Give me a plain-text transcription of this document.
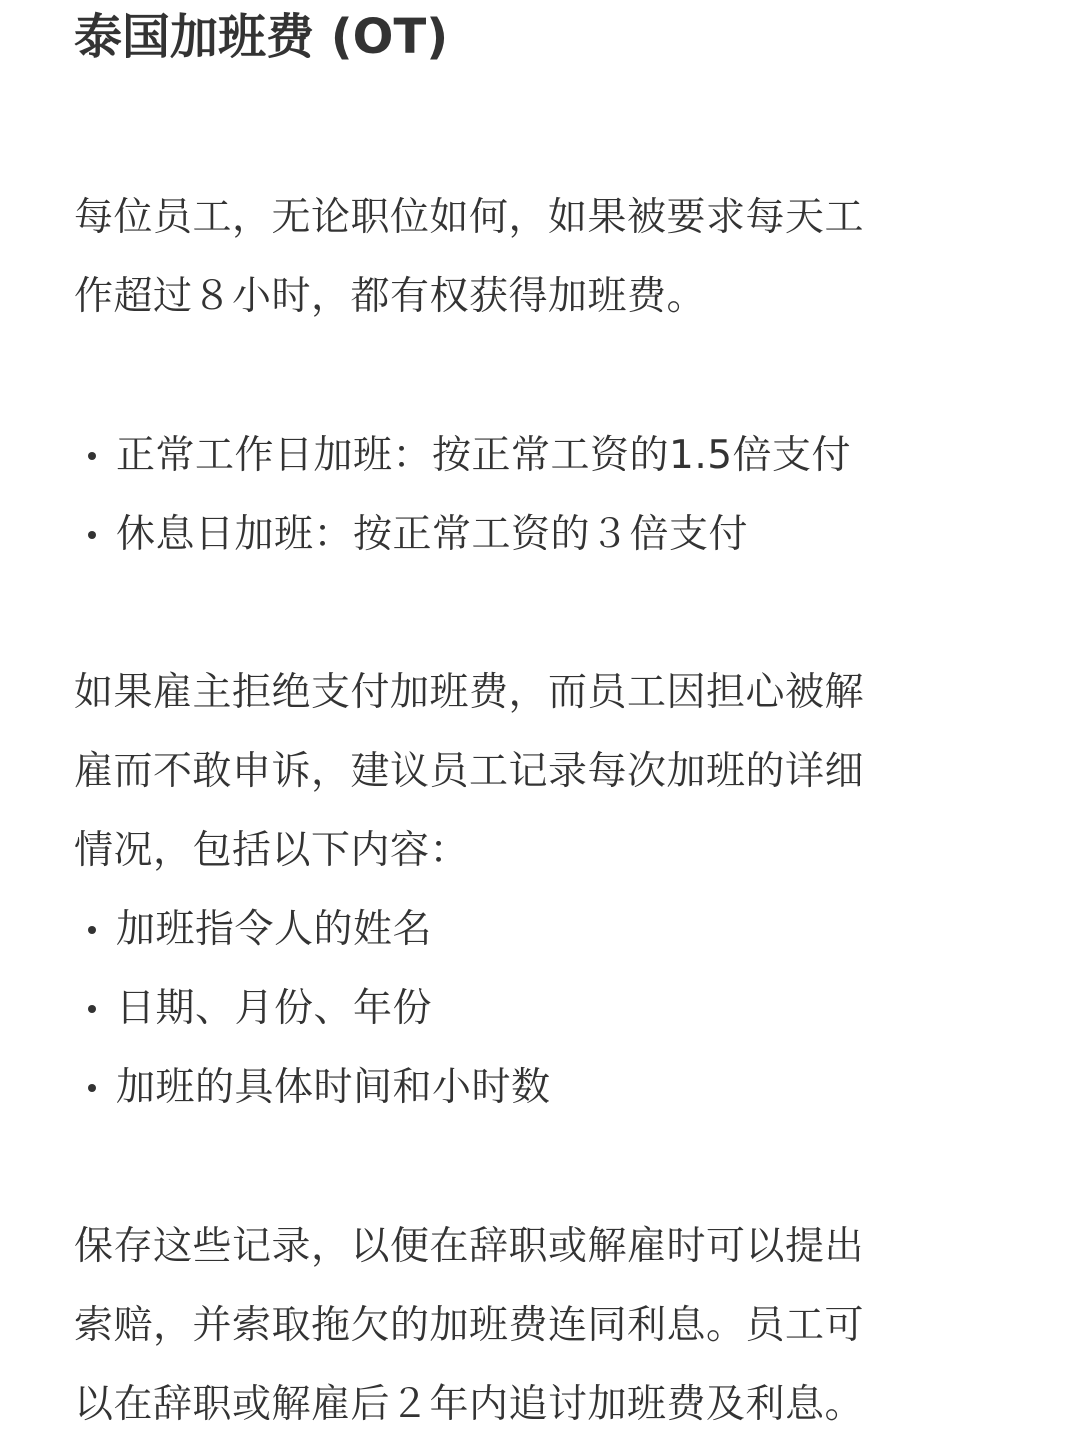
泰国加班费 (OT)

每位员工，无论职位如何，如果被要求每天工
作超过８小时，都有权获得加班费。

正常工作日加班：按正常工资的1.5倍支付
休息日加班：按正常工资的３倍支付

如果雇主拒绝支付加班费，而员工因担心被解
雇而不敢申诉，建议员工记录每次加班的详细
情况，包括以下内容：

加班指令人的姓名
日期、月份、年份
加班的具体时间和小时数

保存这些记录，以便在辞职或解雇时可以提出
索赔，并索取拖欠的加班费连同利息。员工可
以在辞职或解雇后２年内追讨加班费及利息。
